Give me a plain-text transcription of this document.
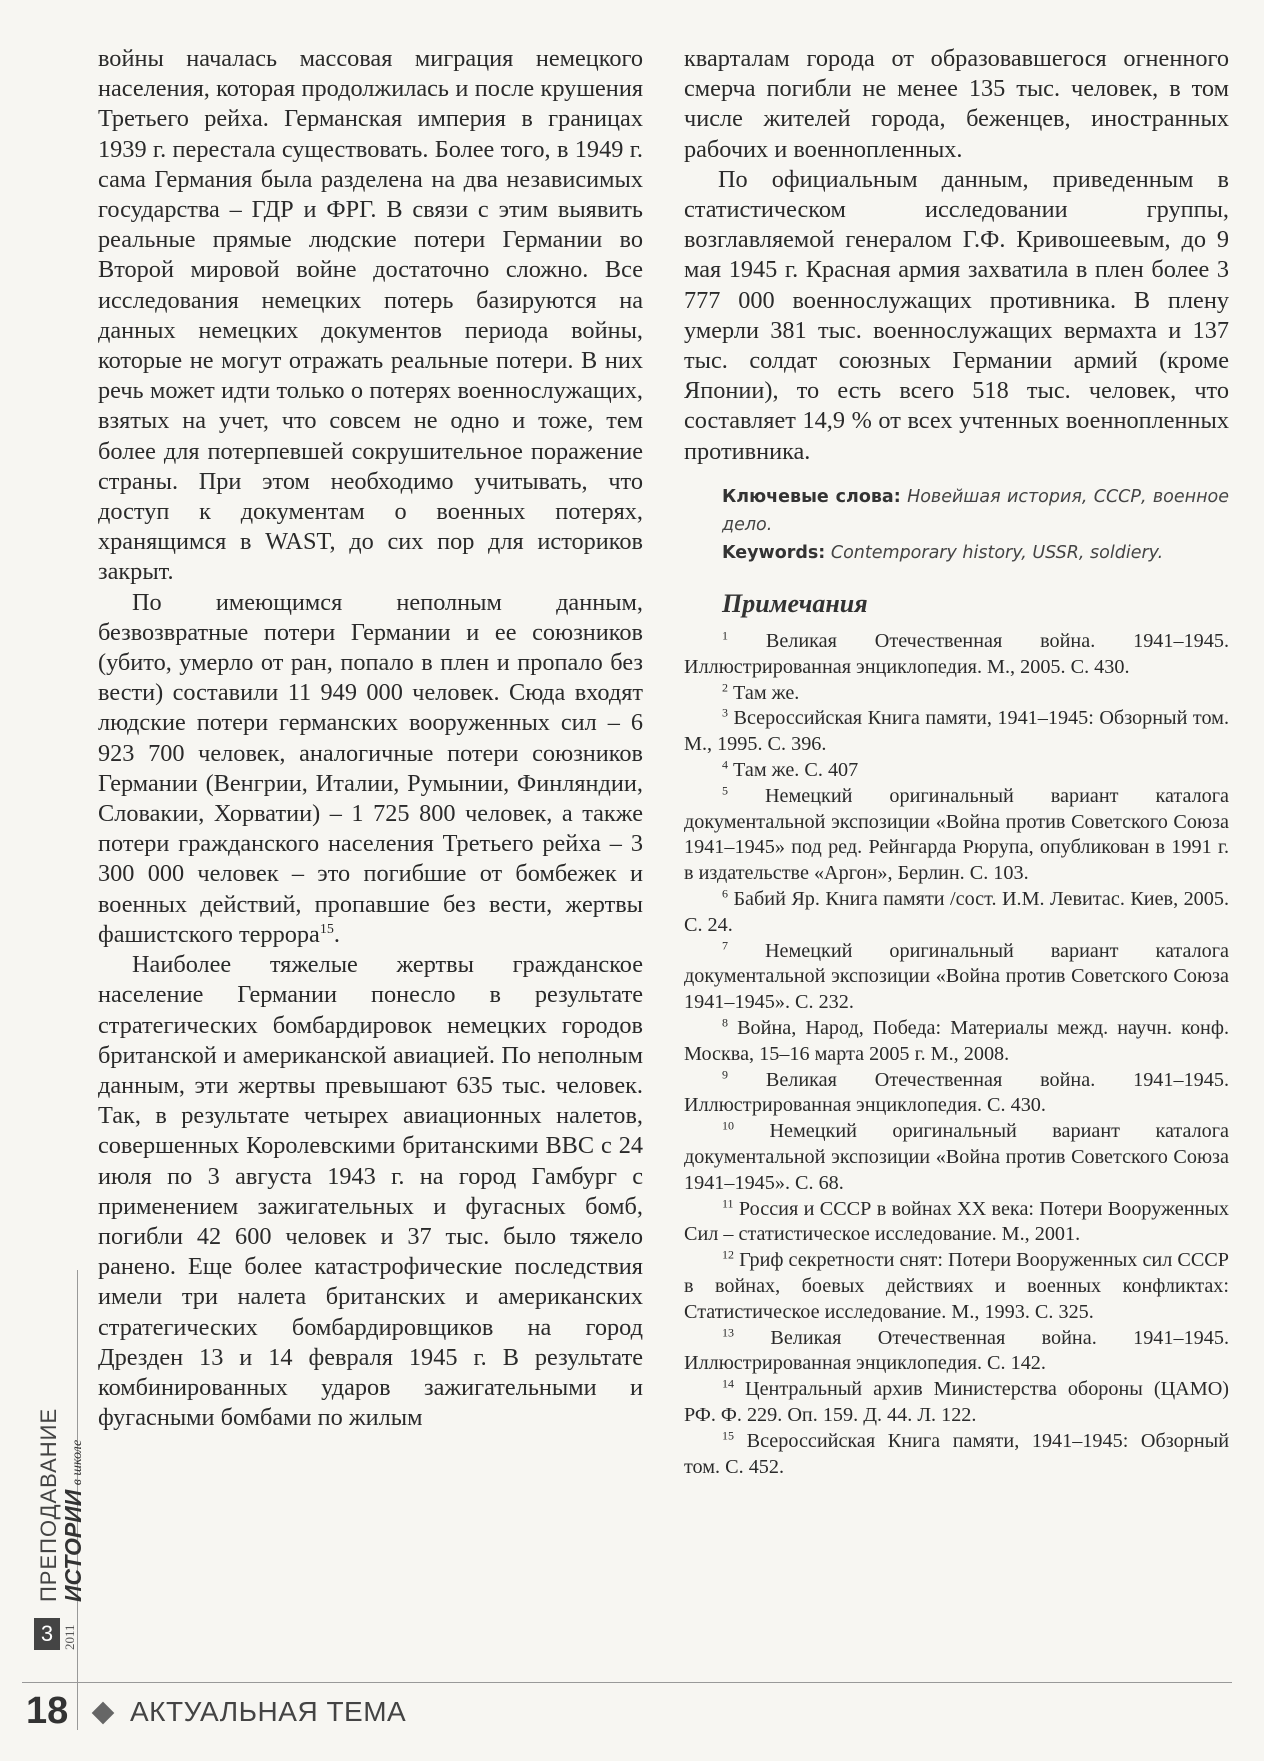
войны началась массовая миграция немецкого населения, которая продолжилась и после крушения Третьего рейха. Германская империя в границах 1939 г. перестала существовать. Более того, в 1949 г. сама Германия была разделена на два независимых государства – ГДР и ФРГ. В связи с этим выявить реальные прямые людские потери Германии во Второй мировой войне достаточно сложно. Все исследования немецких потерь базируются на данных немецких документов периода войны, которые не могут отражать реальные потери. В них речь может идти только о потерях военнослужащих, взятых на учет, что совсем не одно и тоже, тем более для потерпевшей сокрушительное поражение страны. При этом необходимо учитывать, что доступ к документам о военных потерях, хранящимся в WAST, до сих пор для историков закрыт.

По имеющимся неполным данным, безвозвратные потери Германии и ее союзников (убито, умерло от ран, попало в плен и пропало без вести) составили 11 949 000 человек. Сюда входят людские потери германских вооруженных сил – 6 923 700 человек, аналогичные потери союзников Германии (Венгрии, Италии, Румынии, Финляндии, Словакии, Хорватии) – 1 725 800 человек, а также потери гражданского населения Третьего рейха – 3 300 000 человек – это погибшие от бомбежек и военных действий, пропавшие без вести, жертвы фашистского террора$^{15}$.

Наиболее тяжелые жертвы гражданское население Германии понесло в результате стратегических бомбардировок немецких городов британской и американской авиацией. По неполным данным, эти жертвы превышают 635 тыс. человек. Так, в результате четырех авиационных налетов, совершенных Королевскими британскими ВВС с 24 июля по 3 августа 1943 г. на город Гамбург с применением зажигательных и фугасных бомб, погибли 42 600 человек и 37 тыс. было тяжело ранено. Еще более катастрофические последствия имели три налета британских и американских стратегических бомбардировщиков на город Дрезден 13 и 14 февраля 1945 г. В результате комбинированных ударов зажигательными и фугасными бомбами по жилым

кварталам города от образовавшегося огненного смерча погибли не менее 135 тыс. человек, в том числе жителей города, беженцев, иностранных рабочих и военнопленных.

По официальным данным, приведенным в статистическом исследовании группы, возглавляемой генералом Г.Ф. Кривошеевым, до 9 мая 1945 г. Красная армия захватила в плен более 3 777 000 военнослужащих противника. В плену умерли 381 тыс. военнослужащих вермахта и 137 тыс. солдат союзных Германии армий (кроме Японии), то есть всего 518 тыс. человек, что составляет 14,9 % от всех учтенных военнопленных противника.

Ключевые слова: Новейшая история, СССР, военное дело.

Keywords: Contemporary history, USSR, soldiery.

Примечания

$^1$ Великая Отечественная война. 1941–1945. Иллюстрированная энциклопедия. М., 2005. С. 430.

$^2$ Там же.

$^3$ Всероссийская Книга памяти, 1941–1945: Обзорный том. М., 1995. С. 396.

$^4$ Там же. С. 407

$^5$ Немецкий оригинальный вариант каталога документальной экспозиции «Война против Советского Союза 1941–1945» под ред. Рейнгарда Рюрупа, опубликован в 1991 г. в издательстве «Аргон», Берлин. С. 103.

$^6$ Бабий Яр. Книга памяти /сост. И.М. Левитас. Киев, 2005. С. 24.

$^7$ Немецкий оригинальный вариант каталога документальной экспозиции «Война против Советского Союза 1941–1945». С. 232.

$^8$ Война, Народ, Победа: Материалы межд. научн. конф. Москва, 15–16 марта 2005 г. М., 2008.

$^9$ Великая Отечественная война. 1941–1945. Иллюстрированная энциклопедия. С. 430.

$^{10}$ Немецкий оригинальный вариант каталога документальной экспозиции «Война против Советского Союза 1941–1945». С. 68.

$^{11}$ Россия и СССР в войнах XX века: Потери Вооруженных Сил – статистическое исследование. М., 2001.

$^{12}$ Гриф секретности снят: Потери Вооруженных сил СССР в войнах, боевых действиях и военных конфликтах: Статистическое исследование. М., 1993. С. 325.

$^{13}$ Великая Отечественная война. 1941–1945. Иллюстрированная энциклопедия. С. 142.

$^{14}$ Центральный архив Министерства обороны (ЦАМО) РФ. Ф. 229. Оп. 159. Д. 44. Л. 122.

$^{15}$ Всероссийская Книга памяти, 1941–1945: Обзорный том. С. 452.

ПРЕПОДАВАНИЕ ИСТОРИИ в школе
3 2011
18 АКТУАЛЬНАЯ ТЕМА
